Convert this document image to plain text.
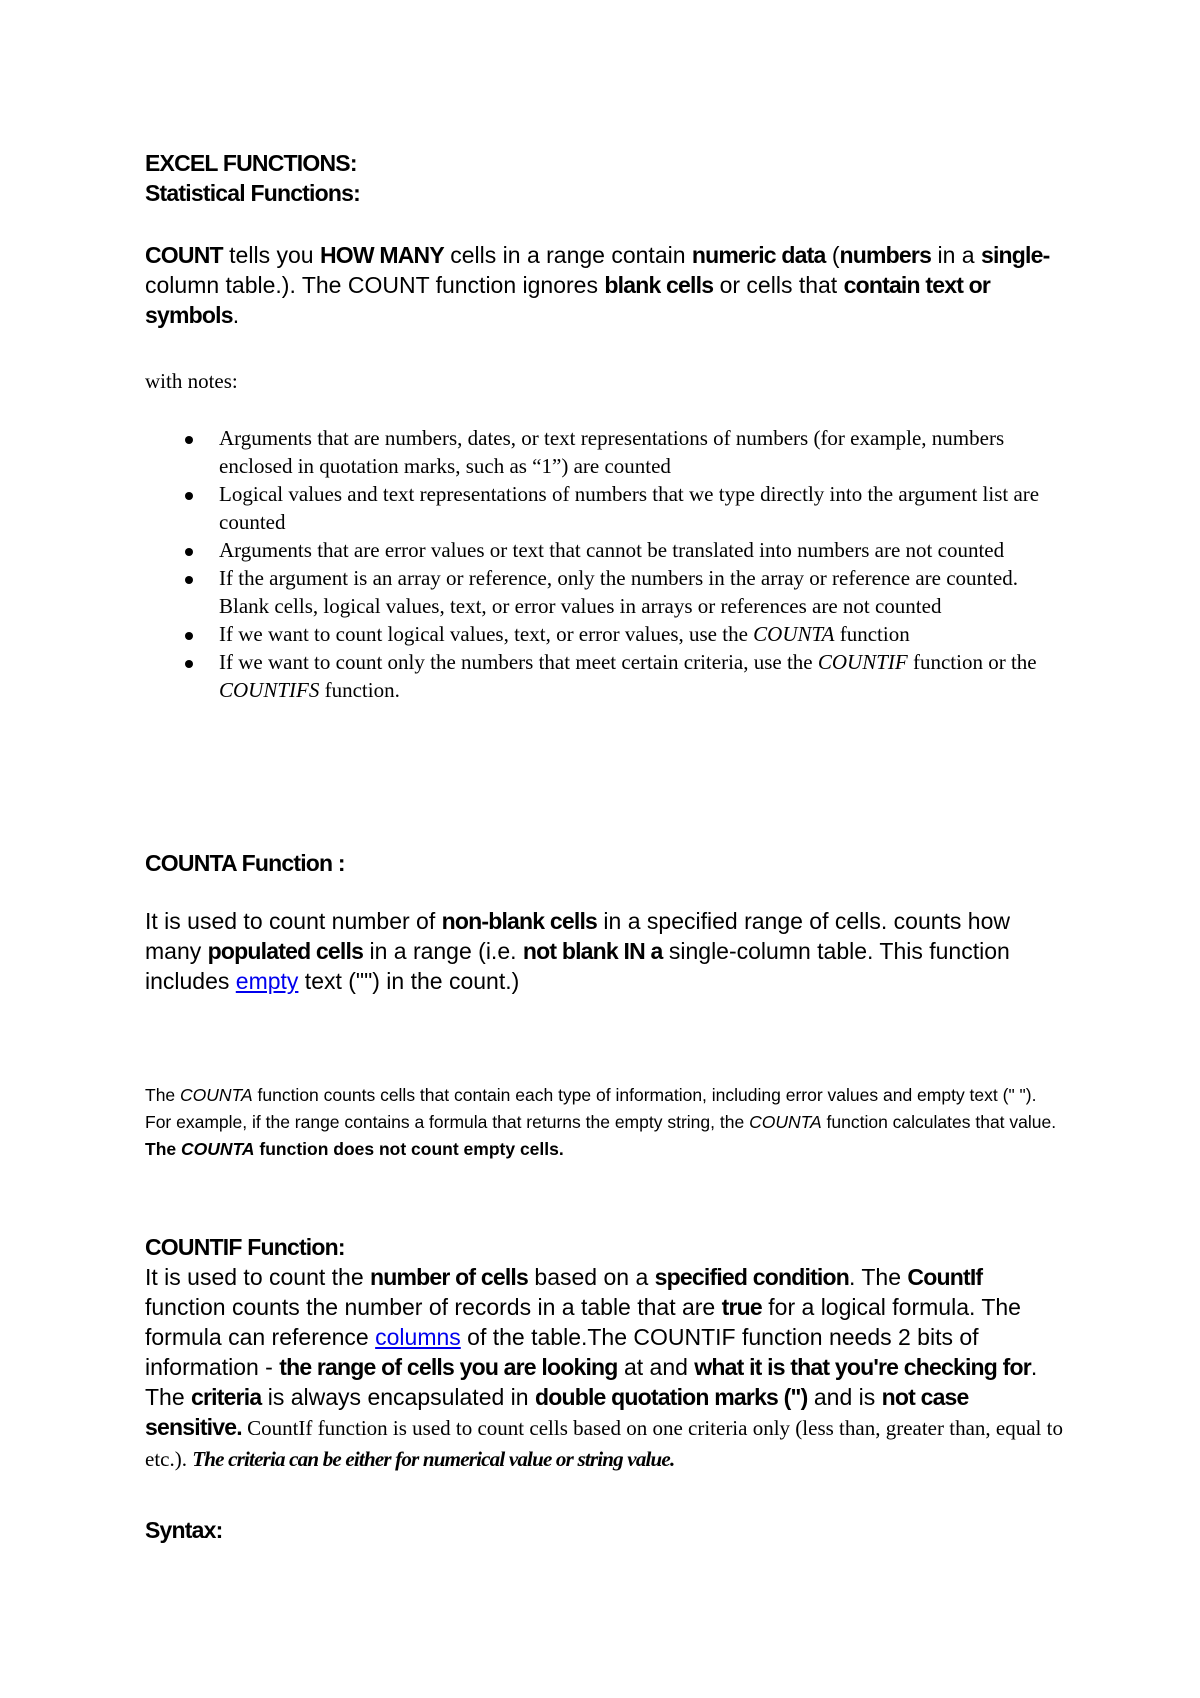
EXCEL FUNCTIONS:
Statistical Functions:
COUNT tells you HOW MANY cells in a range contain numeric data (numbers in a single-column table.). The COUNT function ignores blank cells or cells that contain text or symbols.
with notes:
Arguments that are numbers, dates, or text representations of numbers (for example, numbers enclosed in quotation marks, such as “1”) are counted
Logical values and text representations of numbers that we type directly into the argument list are counted
Arguments that are error values or text that cannot be translated into numbers are not counted
If the argument is an array or reference, only the numbers in the array or reference are counted. Blank cells, logical values, text, or error values in arrays or references are not counted
If we want to count logical values, text, or error values, use the COUNTA function
If we want to count only the numbers that meet certain criteria, use the COUNTIF function or the COUNTIFS function.
COUNTA Function :
It is used to count number of non-blank cells in a specified range of cells. counts how many populated cells in a range (i.e. not blank IN a single-column table. This function includes empty text ("") in the count.)
The COUNTA function counts cells that contain each type of information, including error values and empty text (" "). For example, if the range contains a formula that returns the empty string, the COUNTA function calculates that value. The COUNTA function does not count empty cells.
COUNTIF Function:
It is used to count the number of cells based on a specified condition. The CountIf function counts the number of records in a table that are true for a logical formula. The formula can reference columns of the table.The COUNTIF function needs 2 bits of information - the range of cells you are looking at and what it is that you're checking for. The criteria is always encapsulated in double quotation marks (") and is not case sensitive. CountIf function is used to count cells based on one criteria only (less than, greater than, equal to etc.). The criteria can be either for numerical value or string value.
Syntax:
